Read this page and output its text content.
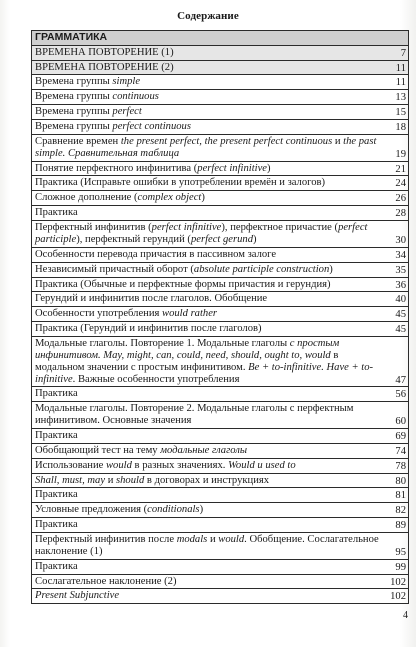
Содержание
ГРАММАТИКА

ВРЕМЕНА ПОВТОРЕНИЕ (1)	7

ВРЕМЕНА ПОВТОРЕНИЕ (2)	11

Времена группы simple	11

Времена группы continuous	13

Времена группы perfect	15

Времена группы perfect continuous	18

Сравнение времен the present perfect, the present perfect continuous и the past simple. Сравнительная таблица	19

Понятие перфектного инфинитива (perfect infinitive)	21

Практика (Исправьте ошибки в употреблении времён и залогов)	24

Сложное дополнение (complex object)	26

Практика	28

Перфектный инфинитив (perfect infinitive), перфектное причастие (perfect participle), перфектный герундий (perfect gerund)	30

Особенности перевода причастия в пассивном залоге	34

Независимый причастный оборот (absolute participle construction)	35

Практика (Обычные и перфектные формы причастия и герундия)	36

Герундий и инфинитив после глаголов. Обобщение	40

Особенности употребления would rather	45

Практика (Герундий и инфинитив после глаголов)	45

Модальные глаголы. Повторение 1. Модальные глаголы с простым инфинитивом. May, might, can, could, need, should, ought to, would в модальном значении с простым инфинитивом. Be + to-infinitive. Have + to-infinitive. Важные особенности употребления	47

Практика	56

Модальные глаголы. Повторение 2. Модальные глаголы с перфектным инфинитивом. Основные значения	60

Практика	69

Обобщающий тест на тему модальные глаголы	74

Использование would в разных значениях. Would и used to	78

Shall, must, may и should в договорах и инструкциях	80

Практика	81

Условные предложения (conditionals)	82

Практика	89

Перфектный инфинитив после modals и would. Обобщение. Сослагательное наклонение (1)	95

Практика	99

Сослагательное наклонение (2)	102

Present Subjunctive	102
4
